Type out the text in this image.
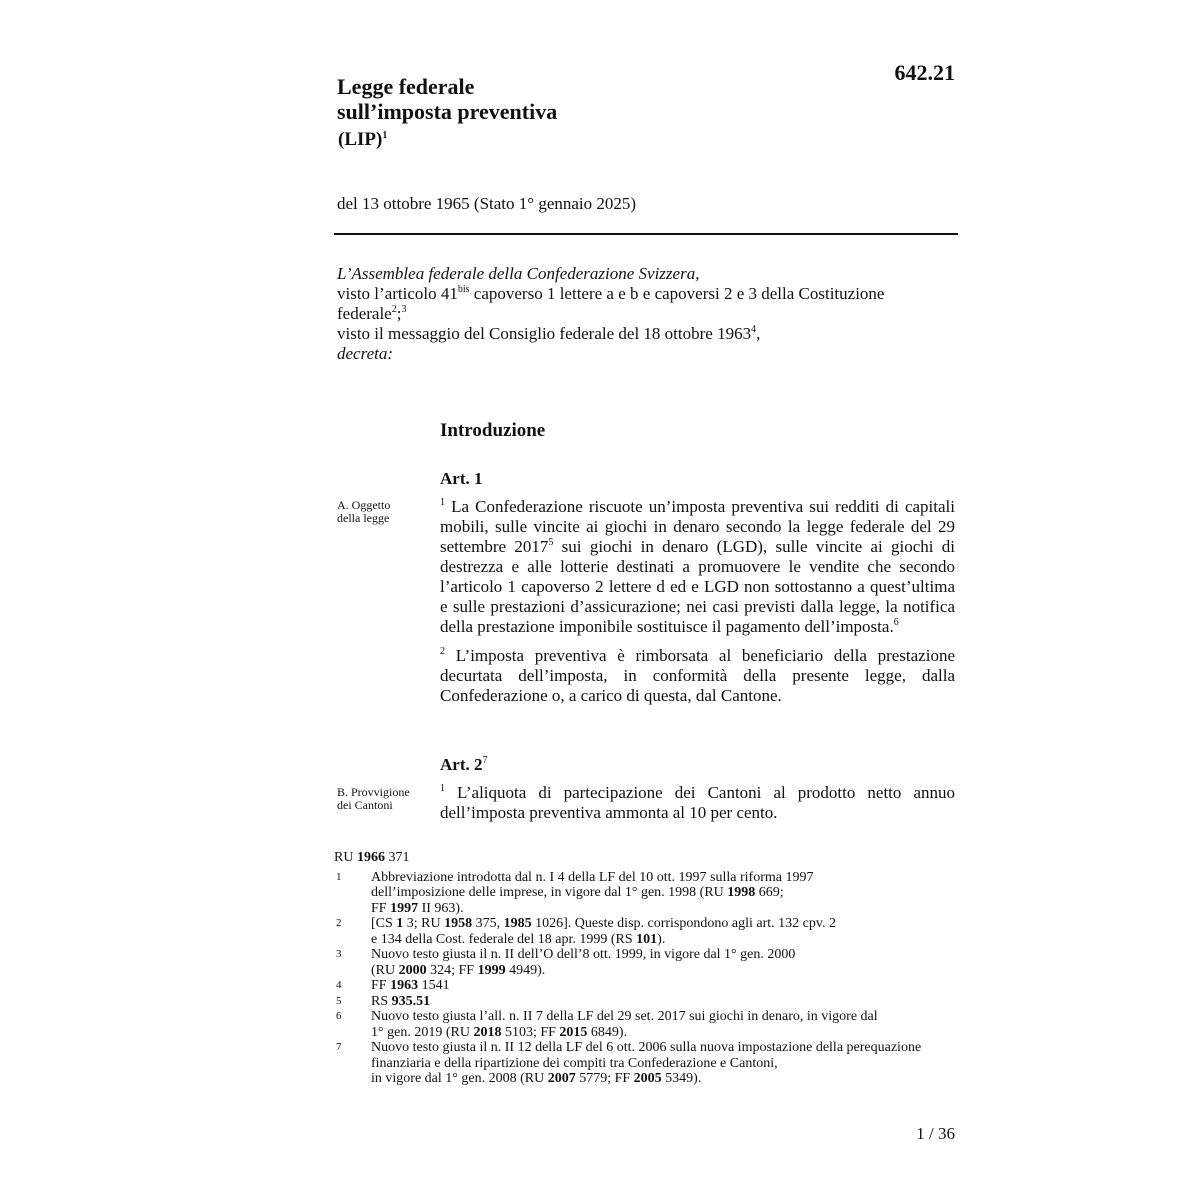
642.21
Legge federale
sull’imposta preventiva
(LIP)$^1$
del 13 ottobre 1965 (Stato 1° gennaio 2025)

L’Assemblea federale della Confederazione Svizzera,

visto l’articolo $41^{bis}$ capoverso 1 lettere a e b e capoversi 2 e 3 della Costituzione

federale$^2$;$^3$

visto il messaggio del Consiglio federale del 18 ottobre 1963$^4$,

decreta:

Introduzione
Art. 1
A. Oggetto
della legge

$^1$ La Confederazione riscuote un’imposta preventiva sui redditi di capitali mobili, sulle vincite ai giochi in denaro secondo la legge federale del 29 settembre 2017$^5$ sui giochi in denaro (LGD), sulle vincite ai giochi di destrezza e alle lotterie destinati a promuovere le vendite che secondo l’articolo 1 capoverso 2 lettere d ed e LGD non sottostanno a quest’ultima e sulle prestazioni d’assicurazione; nei casi previsti dalla legge, la notifica della prestazione imponibile sostituisce il pagamento dell’imposta.$^6$

$^2$ L’imposta preventiva è rimborsata al beneficiario della prestazione decurtata dell’imposta, in conformità della presente legge, dalla Confederazione o, a carico di questa, dal Cantone.

Art. $2^7$
B. Provvigione
dei Cantoni

$^1$ L’aliquota di partecipazione dei Cantoni al prodotto netto annuo dell’imposta preventiva ammonta al 10 per cento.

RU 1966 371
1	Abbreviazione introdotta dal n. I 4 della LF del 10 ott. 1997 sulla riforma 1997
dell’imposizione delle imprese, in vigore dal 1° gen. 1998 (RU 1998 669;
FF 1997 II 963).
2	[CS 1 3; RU 1958 375, 1985 1026]. Queste disp. corrispondono agli art. 132 cpv. 2
e 134 della Cost. federale del 18 apr. 1999 (RS 101).
3	Nuovo testo giusta il n. II dell’O dell’8 ott. 1999, in vigore dal 1° gen. 2000
(RU 2000 324; FF 1999 4949).
4	FF 1963 1541
5	RS 935.51
6	Nuovo testo giusta l’all. n. II 7 della LF del 29 set. 2017 sui giochi in denaro, in vigore dal
1° gen. 2019 (RU 2018 5103; FF 2015 6849).
7	Nuovo testo giusta il n. II 12 della LF del 6 ott. 2006 sulla nuova impostazione della perequazione finanziaria e della ripartizione dei compiti tra Confederazione e Cantoni,
in vigore dal 1° gen. 2008 (RU 2007 5779; FF 2005 5349).
1 / 36
